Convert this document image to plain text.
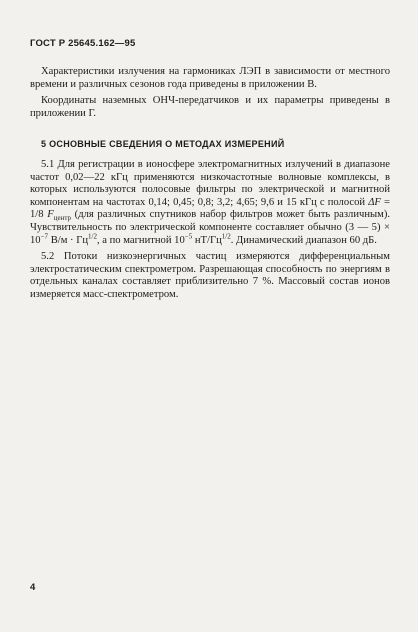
ГОСТ Р 25645.162—95

Характеристики излучения на гармониках ЛЭП в зависимости от местного времени и различных сезонов года приведены в приложении В.

Координаты наземных ОНЧ-передатчиков и их параметры приведены в приложении Г.

5 ОСНОВНЫЕ СВЕДЕНИЯ О МЕТОДАХ ИЗМЕРЕНИЙ

5.1 Для регистрации в ионосфере электромагнитных излучений в диапазоне частот 0,02—22 кГц применяются низкочастотные волновые комплексы, в которых используются полосовые фильтры по электрической и магнитной компонентам на частотах 0,14; 0,45; 0,8; 3,2; 4,65; 9,6 и 15 кГц с полосой ΔF = 1/8 $F_{центр}$ (для различных спутников набор фильтров может быть различным). Чувствительность по электрической компоненте составляет обычно (3 — $5) \times 10^{-7}$ $В/м \cdot Гц^{1/2}$, а по магнитной $10^{-5}$ $нТ/Гц^{1/2}$. Динамический диапазон 60 дБ.

5.2 Потоки низкоэнергичных частиц измеряются дифференциальным электростатическим спектрометром. Разрешающая способность по энергиям в отдельных каналах составляет приблизительно 7 %. Массовый состав ионов измеряется масс-спектрометром.

4
